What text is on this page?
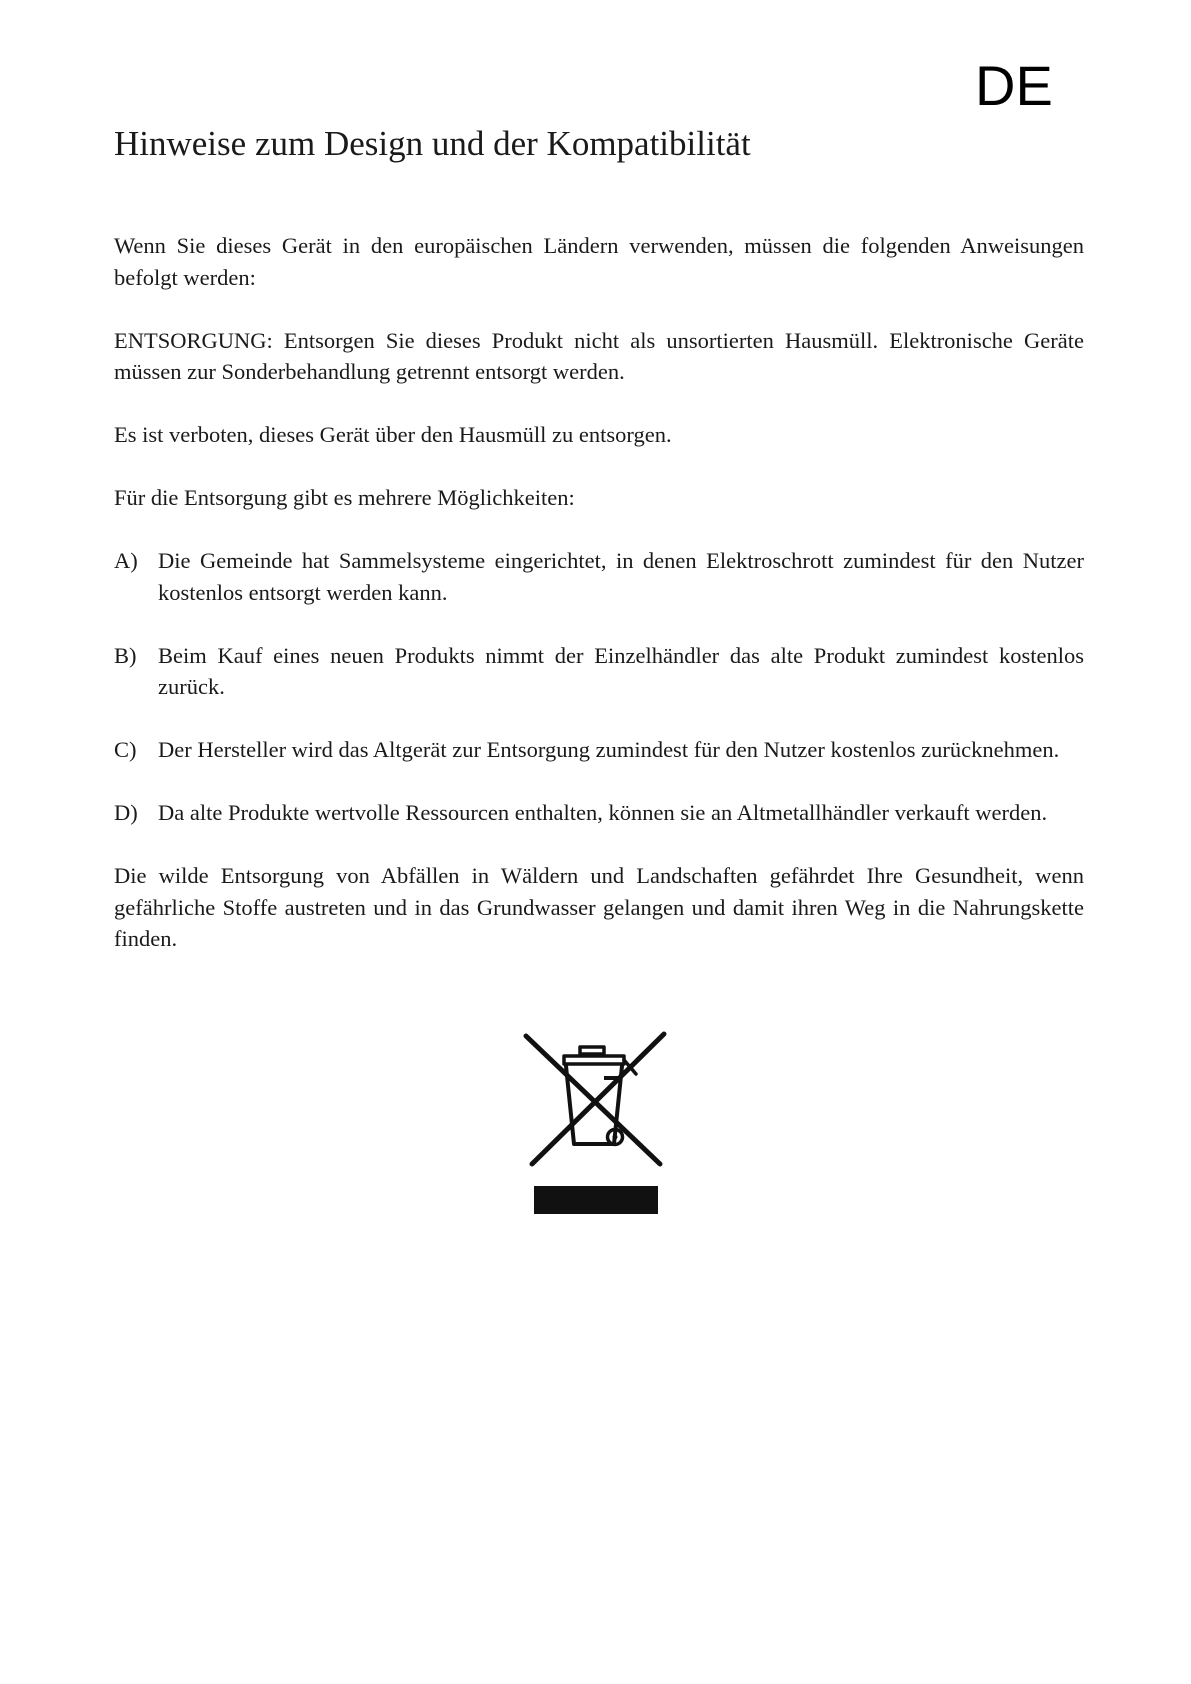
DE
Hinweise zum Design und der Kompatibilität

Wenn Sie dieses Gerät in den europäischen Ländern verwenden, müssen die folgenden Anweisungen befolgt werden:

ENTSORGUNG: Entsorgen Sie dieses Produkt nicht als unsortierten Hausmüll. Elektronische Geräte müssen zur Sonderbehandlung getrennt entsorgt werden.

Es ist verboten, dieses Gerät über den Hausmüll zu entsorgen.

Für die Entsorgung gibt es mehrere Möglichkeiten:

A) Die Gemeinde hat Sammelsysteme eingerichtet, in denen Elektroschrott zumindest für den Nutzer kostenlos entsorgt werden kann.
B) Beim Kauf eines neuen Produkts nimmt der Einzelhändler das alte Produkt zumindest kostenlos zurück.
C) Der Hersteller wird das Altgerät zur Entsorgung zumindest für den Nutzer kostenlos zurücknehmen.
D) Da alte Produkte wertvolle Ressourcen enthalten, können sie an Altmetallhändler verkauft werden.

Die wilde Entsorgung von Abfällen in Wäldern und Landschaften gefährdet Ihre Gesundheit, wenn gefährliche Stoffe austreten und in das Grundwasser gelangen und damit ihren Weg in die Nahrungskette finden.
